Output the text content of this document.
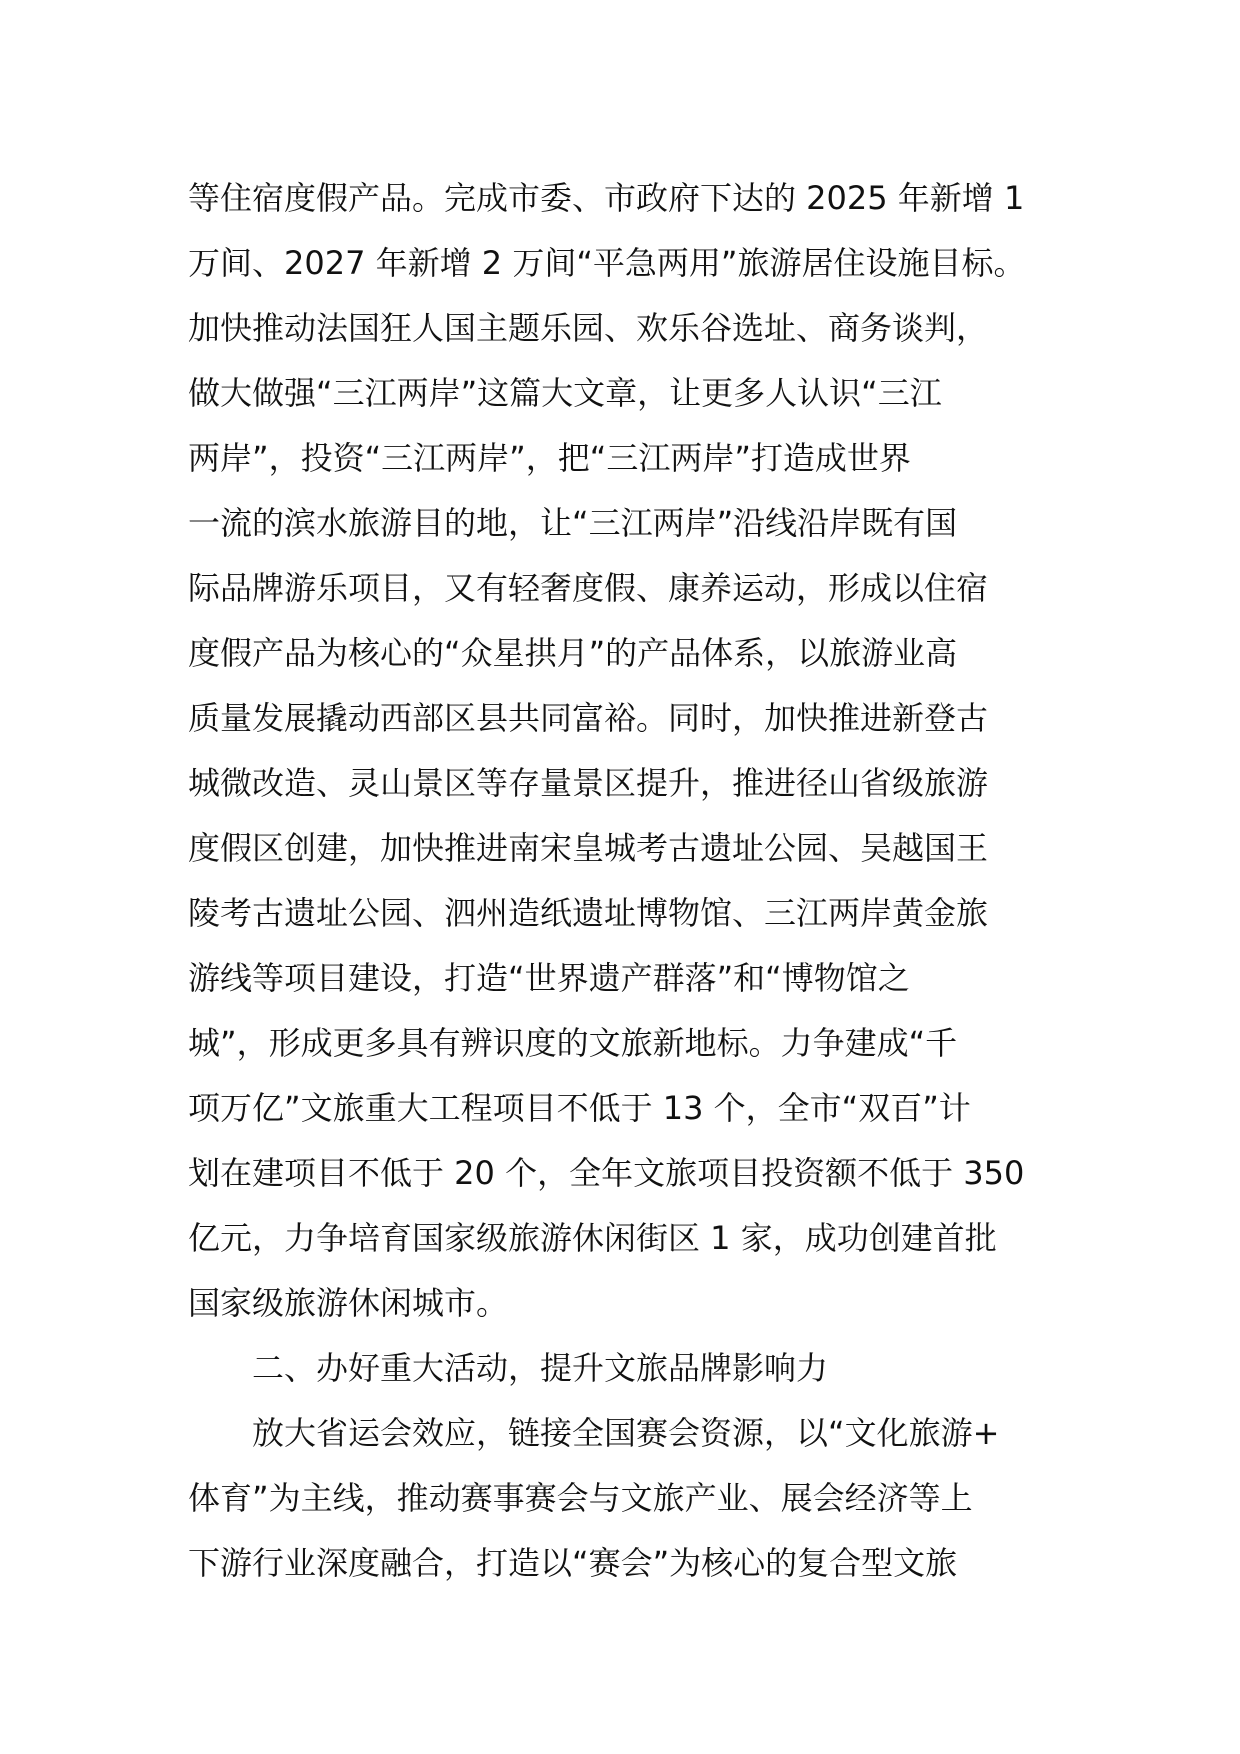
等住宿度假产品。完成市委、市政府下达的 2025 年新增 1
万间、2027 年新增 2 万间“平急两用”旅游居住设施目标。
加快推动法国狂人国主题乐园、欢乐谷选址、商务谈判，
做大做强“三江两岸”这篇大文章，让更多人认识“三江
两岸”，投资“三江两岸”，把“三江两岸”打造成世界
一流的滨水旅游目的地，让“三江两岸”沿线沿岸既有国
际品牌游乐项目，又有轻奢度假、康养运动，形成以住宿
度假产品为核心的“众星拱月”的产品体系，以旅游业高
质量发展撬动西部区县共同富裕。同时，加快推进新登古
城微改造、灵山景区等存量景区提升，推进径山省级旅游
度假区创建，加快推进南宋皇城考古遗址公园、吴越国王
陵考古遗址公园、泗州造纸遗址博物馆、三江两岸黄金旅
游线等项目建设，打造“世界遗产群落”和“博物馆之
城”，形成更多具有辨识度的文旅新地标。力争建成“千
项万亿”文旅重大工程项目不低于 13 个，全市“双百”计
划在建项目不低于 20 个，全年文旅项目投资额不低于 350
亿元，力争培育国家级旅游休闲街区 1 家，成功创建首批
国家级旅游休闲城市。
二、办好重大活动，提升文旅品牌影响力
放大省运会效应，链接全国赛会资源，以“文化旅游+
体育”为主线，推动赛事赛会与文旅产业、展会经济等上
下游行业深度融合，打造以“赛会”为核心的复合型文旅
